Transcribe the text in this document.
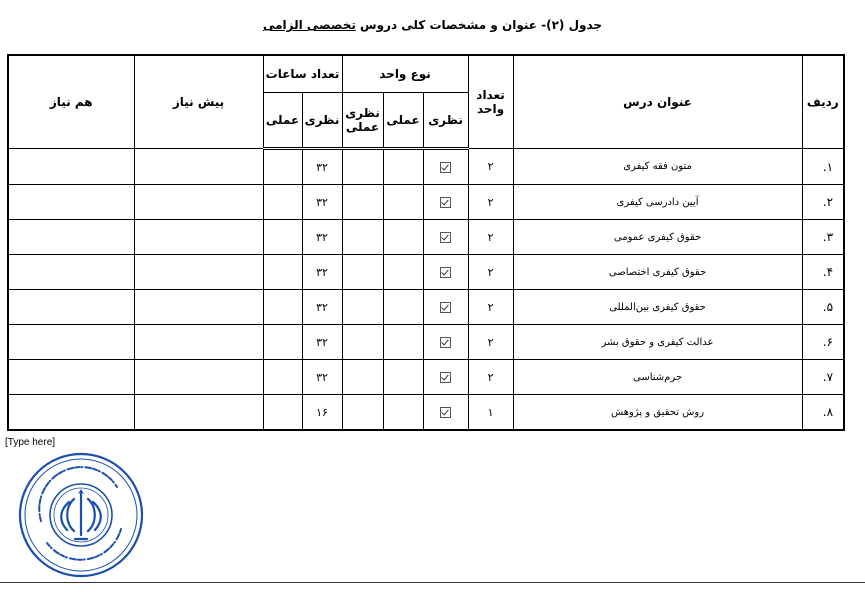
جدول (۲)- عنوان و مشخصات کلی دروس تخصصی الزامی
ردیف	عنوان درس	تعداد واحد	نوع واحد			تعداد ساعات		پیش نیاز	هم نیاز
			نظری	عملی	نظری عملی	نظری	عملی		
۱.	متون فقه کیفری	۲				۳۲			
۲.	آیین دادرسی کیفری	۲				۳۲			
۳.	حقوق کیفری عمومی	۲				۳۲			
۴.	حقوق کیفری اختصاصی	۲				۳۲			
۵.	حقوق کیفری بین‌المللی	۲				۳۲			
۶.	عدالت کیفری و حقوق بشر	۲				۳۲			
۷.	جرم‌شناسی	۲				۳۲			
۸.	روش تحقیق و پژوهش	۱				۱۶			
[Type here]
